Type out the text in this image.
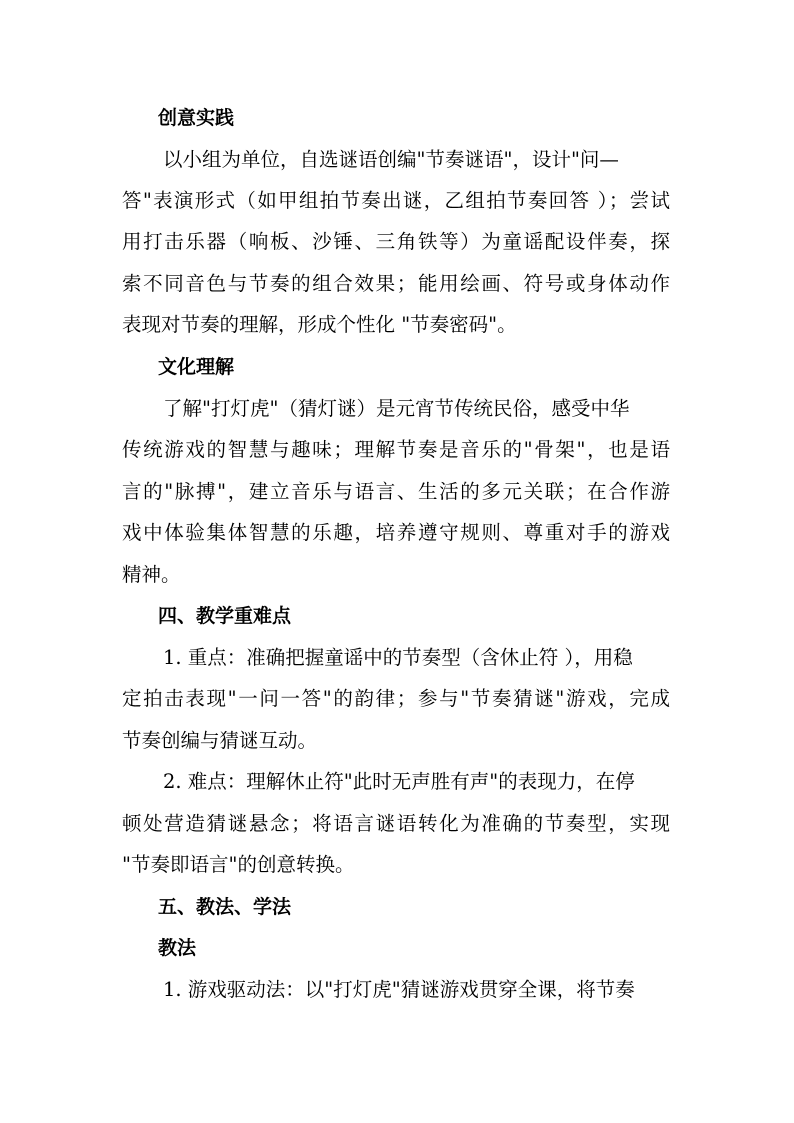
创意实践

以小组为单位，自选谜语创编"节奏谜语"，设计"问—

答"表演形式（如甲组拍节奏出谜，乙组拍节奏回答 ）；尝试

用打击乐器（响板、沙锤、三角铁等）为童谣配设伴奏，探

索不同音色与节奏的组合效果；能用绘画、符号或身体动作

表现对节奏的理解，形成个性化 "节奏密码"。

文化理解

了解"打灯虎"（猜灯谜）是元宵节传统民俗，感受中华

传统游戏的智慧与趣味；理解节奏是音乐的"骨架"，也是语

言的"脉搏"，建立音乐与语言、生活的多元关联；在合作游

戏中体验集体智慧的乐趣，培养遵守规则、尊重对手的游戏

精神。

四、教学重难点

1. 重点：准确把握童谣中的节奏型（含休止符 ），用稳

定拍击表现"一问一答"的韵律；参与"节奏猜谜"游戏，完成

节奏创编与猜谜互动。

2. 难点：理解休止符"此时无声胜有声"的表现力，在停

顿处营造猜谜悬念；将语言谜语转化为准确的节奏型，实现

"节奏即语言"的创意转换。

五、教法、学法
教法

1. 游戏驱动法：以"打灯虎"猜谜游戏贯穿全课，将节奏
